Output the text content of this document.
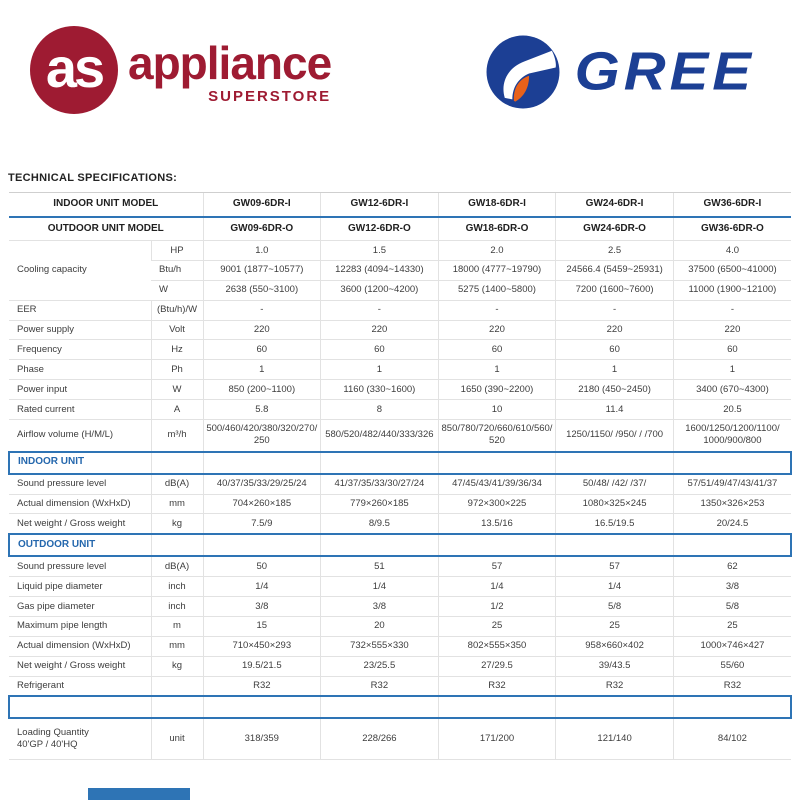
as appliance
SUPERSTORE	GREE
TECHNICAL SPECIFICATIONS:
INDOOR UNIT MODEL		GW09-6DR-I	GW12-6DR-I	GW18-6DR-I	GW24-6DR-I	GW36-6DR-I
OUTDOOR UNIT MODEL		GW09-6DR-O	GW12-6DR-O	GW18-6DR-O	GW24-6DR-O	GW36-6DR-O
Cooling capacity	HP	1.0	1.5	2.0	2.5	4.0
	Btu/h	9001 (1877~10577)	12283 (4094~14330)	18000 (4777~19790)	24566.4 (5459~25931)	37500 (6500~41000)
	W	2638 (550~3100)	3600 (1200~4200)	5275 (1400~5800)	7200 (1600~7600)	11000 (1900~12100)
EER	(Btu/h)/W	-	-	-	-	-
Power supply	Volt	220	220	220	220	220
Frequency	Hz	60	60	60	60	60
Phase	Ph	1	1	1	1	1
Power input	W	850 (200~1100)	1160 (330~1600)	1650 (390~2200)	2180 (450~2450)	3400 (670~4300)
Rated current	A	5.8	8	10	11.4	20.5
Airflow volume (H/​M/​L)	m³/h	500/​460/​420/​380/​320/​270/​250	580/​520/​482/​440/​333/​326	850/​780/​720/​660/​610/​560/​520	1250/​1150/​ /​950/​ /​ /​700	1600/​1250/​1200/​1100/​1000/​900/​800
INDOOR UNIT						
Sound pressure level	dB(A)	40/​37/​35/​33/​29/​25/​24	41/​37/​35/​33/​30/​27/​24	47/​45/​43/​41/​39/​36/​34	50/48/ /42/ /37/	57/​51/​49/​47/​43/​41/​37
Actual dimension (WxHxD)	mm	704×260×185	779×260×185	972×300×225	1080×325×245	1350×326×253
Net weight /​ Gross weight	kg	7.5/9	8/9.5	13.5/16	16.5/19.5	20/24.5
OUTDOOR UNIT						
Sound pressure level	dB(A)	50	51	57	57	62
Liquid pipe diameter	inch	1/4	1/4	1/4	1/4	3/8
Gas pipe diameter	inch	3/8	3/8	1/2	5/8	5/8
Maximum pipe length	m	15	20	25	25	25
Actual dimension (WxHxD)	mm	710×450×293	732×555×330	802×555×350	958×660×402	1000×746×427
Net weight /​ Gross weight	kg	19.5/21.5	23/25.5	27/29.5	39/43.5	55/60
Refrigerant		R32	R32	R32	R32	R32

Loading Quantity
40'GP / 40'HQ	unit	318/359	228/266	171/200	121/140	84/102
